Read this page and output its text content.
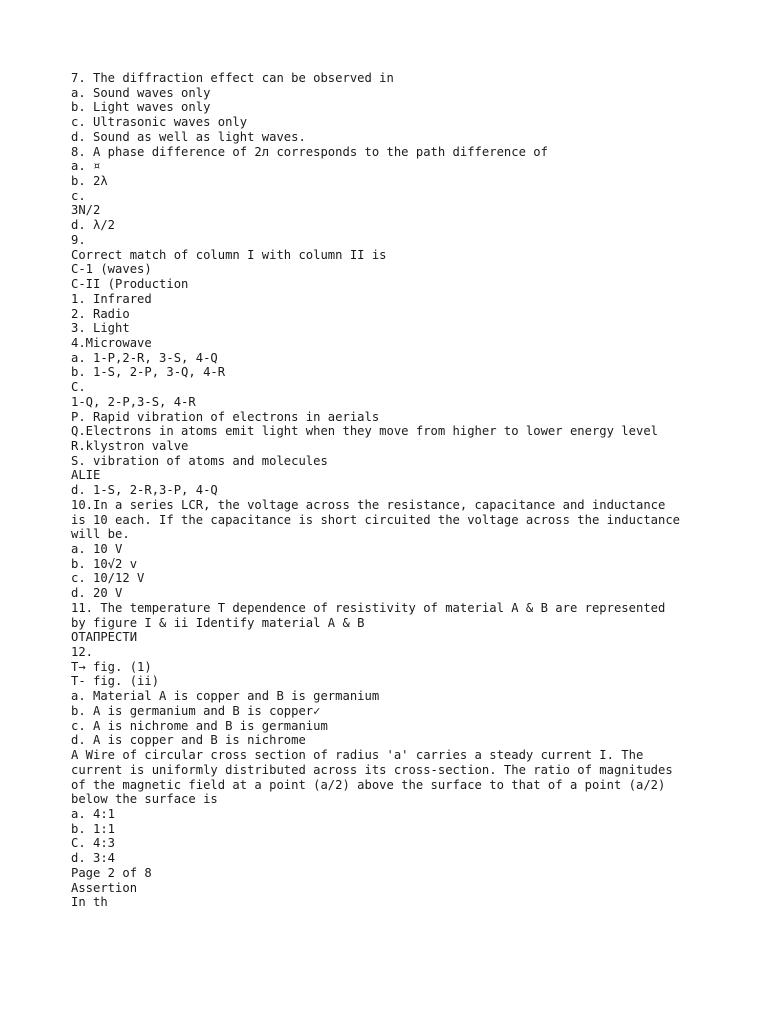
7. The diffraction effect can be observed in
a. Sound waves only
b. Light waves only
c. Ultrasonic waves only
d. Sound as well as light waves.
8. A phase difference of 2л corresponds to the path difference of
a. ¤
b. 2λ
c.
3N/2
d. λ/2
9.
Correct match of column I with column II is
C-1 (waves)
C-II (Production
1. Infrared
2. Radio
3. Light
4.Microwave
a. 1-P,2-R, 3-S, 4-Q
b. 1-S, 2-P, 3-Q, 4-R
C.
1-Q, 2-P,3-S, 4-R
P. Rapid vibration of electrons in aerials
Q.Electrons in atoms emit light when they move from higher to lower energy level
R.klystron valve
S. vibration of atoms and molecules
ALIE
d. 1-S, 2-R,3-P, 4-Q
10.In a series LCR, the voltage across the resistance, capacitance and inductance
is 10 each. If the capacitance is short circuited the voltage across the inductance
will be.
a. 10 V
b. 10√2 v
c. 10/12 V
d. 20 V
11. The temperature T dependence of resistivity of material A & B are represented
by figure I & ii Identify material A & B
ОТАПРЕСТИ
12.
T→ fig. (1)
T- fig. (ii)
a. Material A is copper and B is germanium
b. A is germanium and B is copper✓
c. A is nichrome and B is germanium
d. A is copper and B is nichrome
A Wire of circular cross section of radius 'a' carries a steady current I. The
current is uniformly distributed across its cross-section. The ratio of magnitudes
of the magnetic field at a point (a/2) above the surface to that of a point (a/2)
below the surface is
a. 4:1
b. 1:1
C. 4:3
d. 3:4
Page 2 of 8
Assertion
In th
